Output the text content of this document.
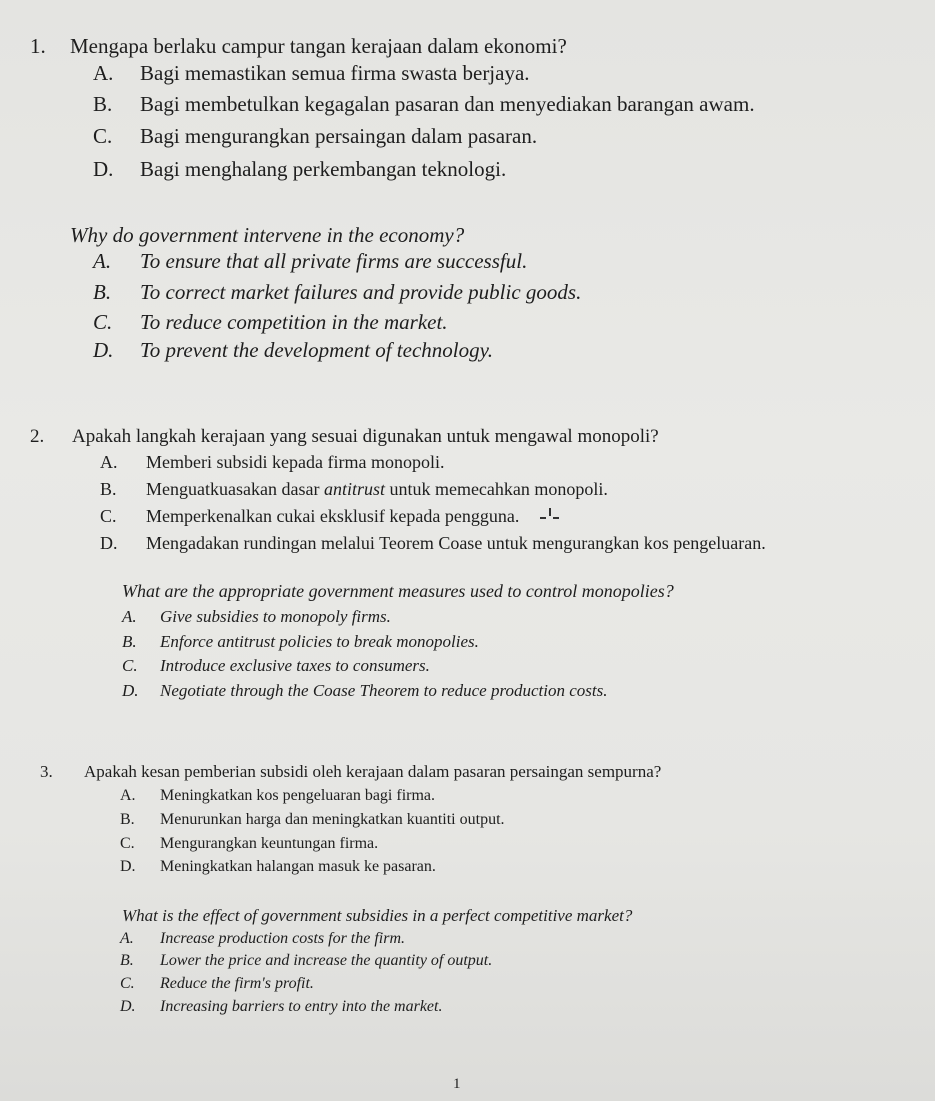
1. Mengapa berlaku campur tangan kerajaan dalam ekonomi?
A. Bagi memastikan semua firma swasta berjaya.
B. Bagi membetulkan kegagalan pasaran dan menyediakan barangan awam.
C. Bagi mengurangkan persaingan dalam pasaran.
D. Bagi menghalang perkembangan teknologi.
Why do government intervene in the economy?
A. To ensure that all private firms are successful.
B. To correct market failures and provide public goods.
C. To reduce competition in the market.
D. To prevent the development of technology.
2. Apakah langkah kerajaan yang sesuai digunakan untuk mengawal monopoli?
A. Memberi subsidi kepada firma monopoli.
B. Menguatkuasakan dasar antitrust untuk memecahkan monopoli.
C. Memperkenalkan cukai eksklusif kepada pengguna.
D. Mengadakan rundingan melalui Teorem Coase untuk mengurangkan kos pengeluaran.
What are the appropriate government measures used to control monopolies?
A. Give subsidies to monopoly firms.
B. Enforce antitrust policies to break monopolies.
C. Introduce exclusive taxes to consumers.
D. Negotiate through the Coase Theorem to reduce production costs.
3. Apakah kesan pemberian subsidi oleh kerajaan dalam pasaran persaingan sempurna?
A. Meningkatkan kos pengeluaran bagi firma.
B. Menurunkan harga dan meningkatkan kuantiti output.
C. Mengurangkan keuntungan firma.
D. Meningkatkan halangan masuk ke pasaran.
What is the effect of government subsidies in a perfect competitive market?
A. Increase production costs for the firm.
B. Lower the price and increase the quantity of output.
C. Reduce the firm's profit.
D. Increasing barriers to entry into the market.
1
